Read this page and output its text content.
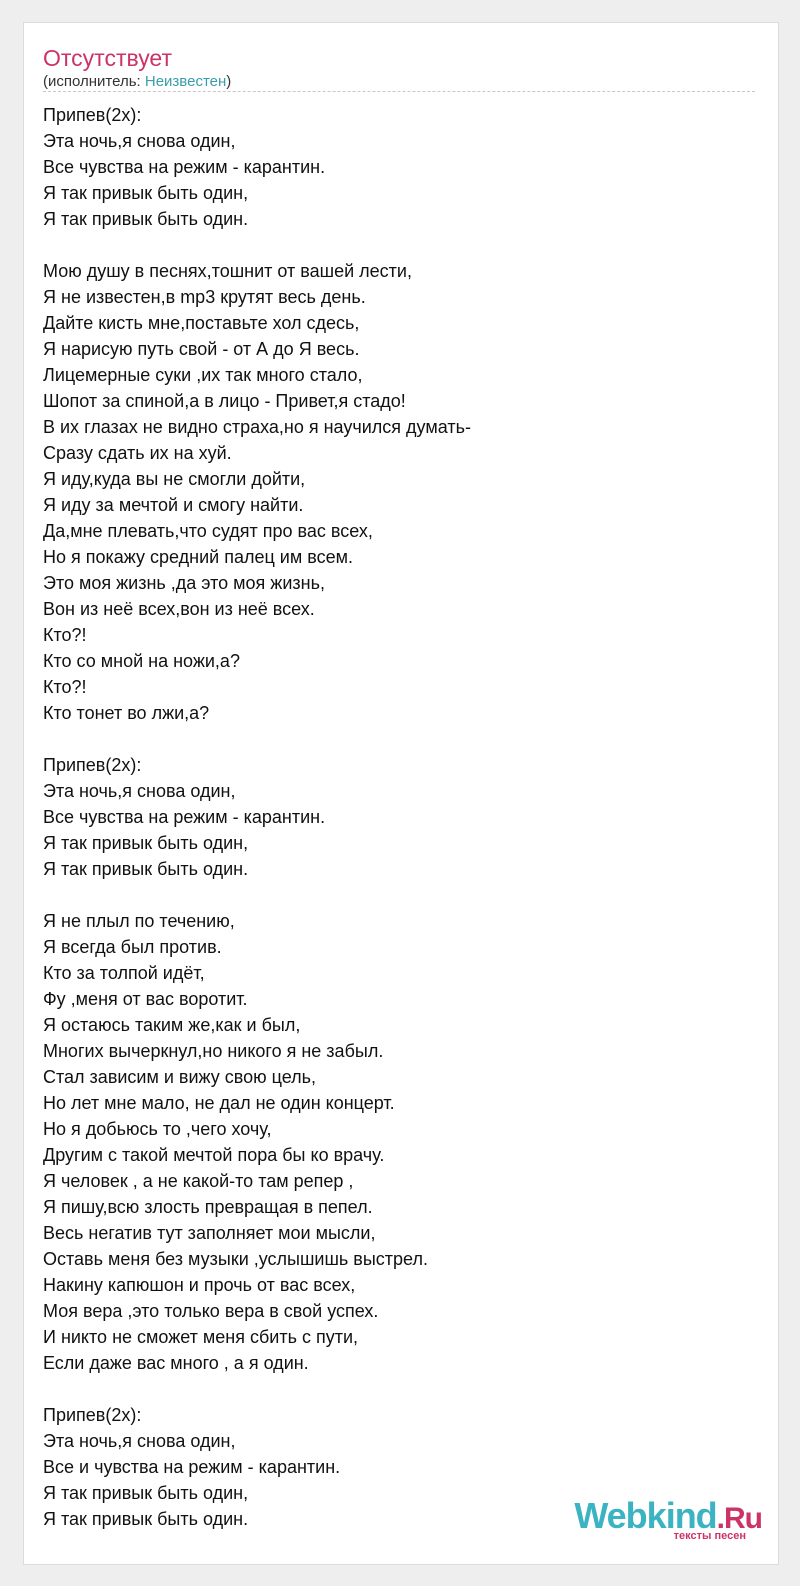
Отсутствует
(исполнитель: Неизвестен)
Припев(2х):
Эта ночь,я снова один,
Все чувства на режим - карантин.
Я так привык быть один,
Я так привык быть один.
Мою душу в песнях,тошнит от вашей лести,
Я не известен,в mp3 крутят весь день.
Дайте кисть мне,поставьте хол сдесь,
Я нарисую путь свой - от А до Я весь.
Лицемерные суки ,их так много стало,
Шопот за спиной,а в лицо - Привет,я стадо!
В их глазах не видно страха,но я научился думать-
Сразу сдать их на хуй.
Я иду,куда вы не смогли дойти,
Я иду за мечтой и смогу найти.
Да,мне плевать,что судят про вас всех,
Но я покажу средний палец им всем.
Это моя жизнь ,да это моя жизнь,
Вон из неё всех,вон из неё всех.
Кто?!
Кто со мной на ножи,а?
Кто?!
Кто тонет во лжи,а?
Припев(2х):
Эта ночь,я снова один,
Все чувства на режим - карантин.
Я так привык быть один,
Я так привык быть один.
Я не плыл по течению,
Я всегда был против.
Кто за толпой идёт,
Фу ,меня от вас воротит.
Я остаюсь таким же,как и был,
Многих вычеркнул,но никого я не забыл.
Стал зависим и вижу свою цель,
Но лет мне мало, не дал не один концерт.
Но я добьюсь то ,чего хочу,
Другим с такой мечтой пора бы ко врачу.
Я человек , а не какой-то там репер ,
Я пишу,всю злость превращая в пепел.
Весь негатив тут заполняет мои мысли,
Оставь меня без музыки ,услышишь выстрел.
Накину капюшон и прочь от вас всех,
Моя вера ,это только вера в свой успех.
И никто не сможет меня сбить с пути,
Если даже вас много , а я один.
Припев(2х):
Эта ночь,я снова один,
Все и чувства на режим - карантин.
Я так привык быть один,
Я так привык быть один.	Webkind.Ru
тексты песен
